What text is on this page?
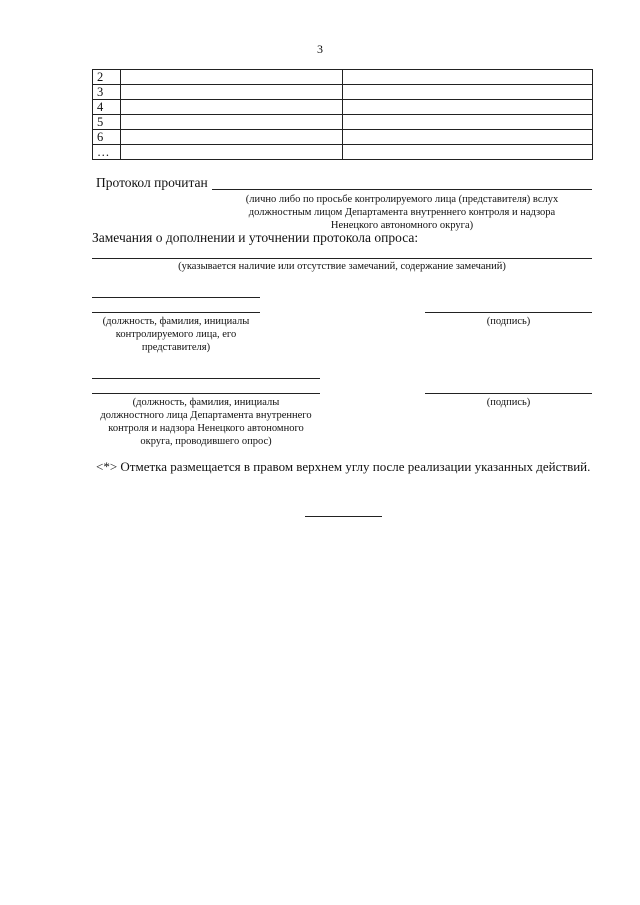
3
2		
3		
4		
5		
6		
…		
Протокол прочитан
(лично либо по просьбе контролируемого лица (представителя) вслух
должностным лицом Департамента внутреннего контроля и надзора
Ненецкого автономного округа)
Замечания о дополнении и уточнении протокола опроса:
(указывается наличие или отсутствие замечаний, содержание замечаний)
(должность, фамилия, инициалы
контролируемого лица, его
представителя)
(подпись)
(должность, фамилия, инициалы
должностного лица Департамента внутреннего
контроля и надзора Ненецкого автономного
округа, проводившего опрос)
(подпись)
<*> Отметка размещается в правом верхнем углу после реализации указанных действий.
